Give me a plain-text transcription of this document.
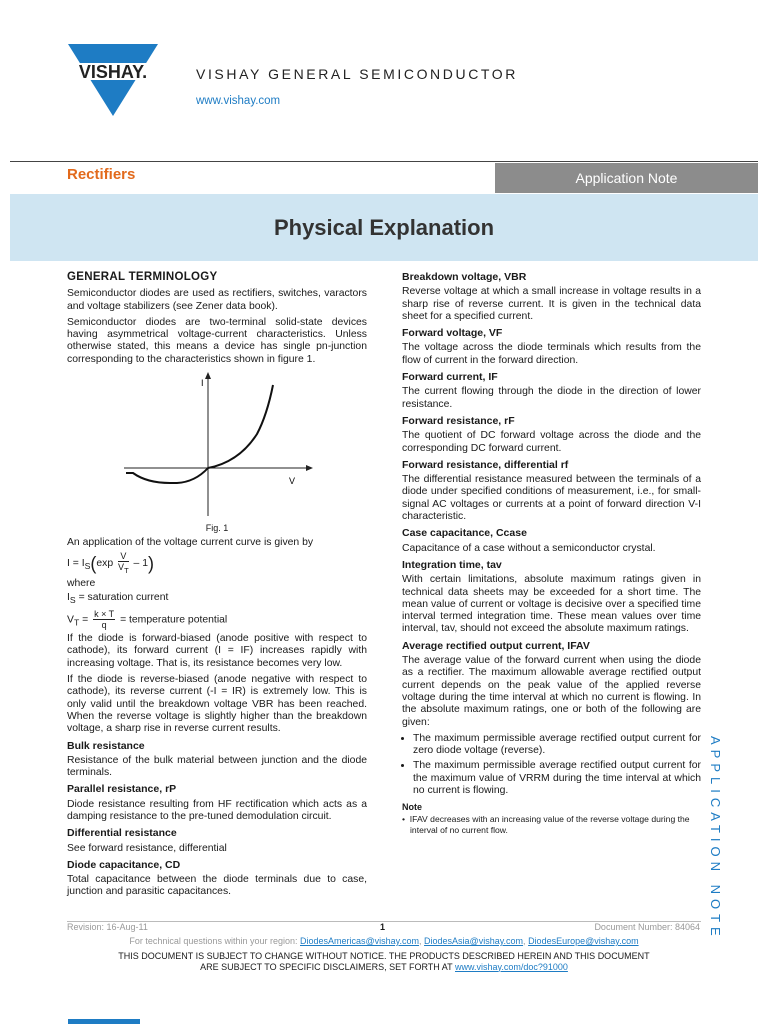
VISHAY.	VISHAY GENERAL SEMICONDUCTOR
www.vishay.com
Rectifiers	Application Note
Physical Explanation
GENERAL TERMINOLOGY

Semiconductor diodes are used as rectifiers, switches, varactors and voltage stabilizers (see Zener data book).

Semiconductor diodes are two-terminal solid-state devices having asymmetrical voltage-current characteristics. Unless otherwise stated, this means a device has single pn-junction corresponding to the characteristics shown in figure 1.

I
V
Fig. 1

An application of the voltage current curve is given by

$I = I_S(\exp \frac{V}{V_T} - 1)$
where
$I_S$ = saturation current
$V_T = \frac{k \times T}{q}$ = temperature potential

If the diode is forward-biased (anode positive with respect to cathode), its forward current (I = IF) increases rapidly with increasing voltage. That is, its resistance becomes very low.

If the diode is reverse-biased (anode negative with respect to cathode), its reverse current (-I = IR) is extremely low. This is only valid until the breakdown voltage VBR has been reached. When the reverse voltage is slightly higher than the breakdown voltage, a sharp rise in reverse current results.

Bulk resistance

Resistance of the bulk material between junction and the diode terminals.

Parallel resistance, rP

Diode resistance resulting from HF rectification which acts as a damping resistance to the pre-tuned demodulation circuit.

Differential resistance

See forward resistance, differential

Diode capacitance, CD

Total capacitance between the diode terminals due to case, junction and parasitic capacitances.

Breakdown voltage, VBR

Reverse voltage at which a small increase in voltage results in a sharp rise of reverse current. It is given in the technical data sheet for a specified current.

Forward voltage, VF

The voltage across the diode terminals which results from the flow of current in the forward direction.

Forward current, IF

The current flowing through the diode in the direction of lower resistance.

Forward resistance, rF

The quotient of DC forward voltage across the diode and the corresponding DC forward current.

Forward resistance, differential rf

The differential resistance measured between the terminals of a diode under specified conditions of measurement, i.e., for small-signal AC voltages or currents at a point of forward direction V-I characteristic.

Case capacitance, Ccase

Capacitance of a case without a semiconductor crystal.

Integration time, tav

With certain limitations, absolute maximum ratings given in technical data sheets may be exceeded for a short time. The mean value of current or voltage is decisive over a specified time interval termed integration time. These mean values over time interval, tav, should not exceed the absolute maximum ratings.

Average rectified output current, IFAV

The average value of the forward current when using the diode as a rectifier. The maximum allowable average rectified output current depends on the peak value of the applied reverse voltage during the time interval at which no current is flowing. In the absolute maximum ratings, one or both of the following are given:

• The maximum permissible average rectified output current for zero diode voltage (reverse).
• The maximum permissible average rectified output current for the maximum value of VRRM during the time interval at which no current is flowing.
Note
•  IFAV decreases with an increasing value of the reverse voltage during the interval of no current flow.	APPLICATION NOTE
Revision: 16-Aug-11	1	Document Number: 84064
For technical questions within your region: DiodesAmericas@vishay.com, DiodesAsia@vishay.com, DiodesEurope@vishay.com
THIS DOCUMENT IS SUBJECT TO CHANGE WITHOUT NOTICE. THE PRODUCTS DESCRIBED HEREIN AND THIS DOCUMENT
ARE SUBJECT TO SPECIFIC DISCLAIMERS, SET FORTH AT www.vishay.com/doc?91000
